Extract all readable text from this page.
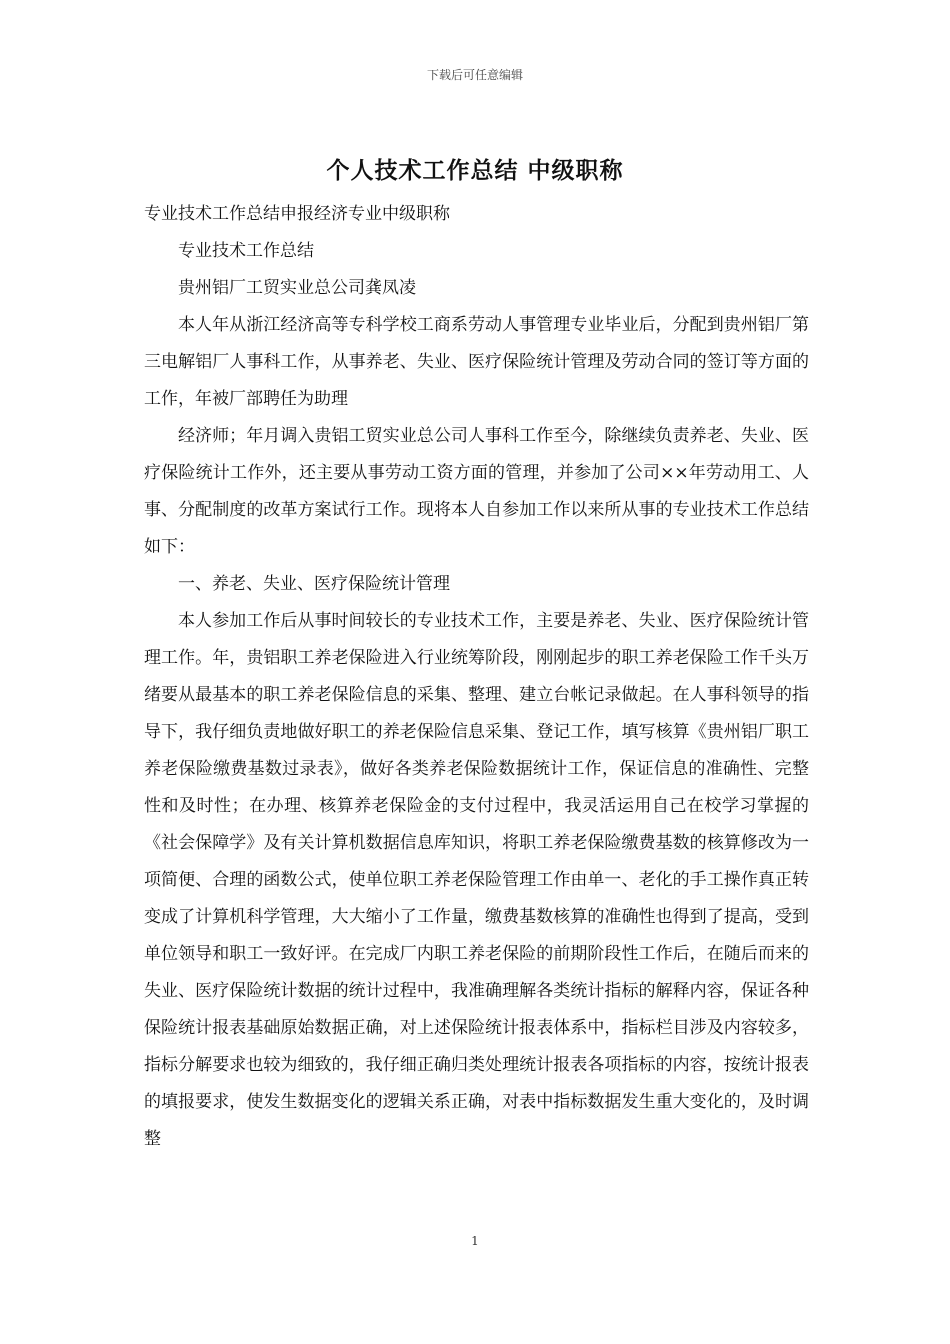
下载后可任意编辑
个人技术工作总结 中级职称

专业技术工作总结申报经济专业中级职称

专业技术工作总结

贵州铝厂工贸实业总公司龚凤凌

本人年从浙江经济高等专科学校工商系劳动人事管理专业毕业后，分配到贵州铝厂第三电解铝厂人事科工作，从事养老、失业、医疗保险统计管理及劳动合同的签订等方面的工作，年被厂部聘任为助理

经济师；年月调入贵铝工贸实业总公司人事科工作至今，除继续负责养老、失业、医疗保险统计工作外，还主要从事劳动工资方面的管理，并参加了公司××年劳动用工、人事、分配制度的改革方案试行工作。现将本人自参加工作以来所从事的专业技术工作总结如下：

一、养老、失业、医疗保险统计管理

本人参加工作后从事时间较长的专业技术工作，主要是养老、失业、医疗保险统计管理工作。年，贵铝职工养老保险进入行业统筹阶段，刚刚起步的职工养老保险工作千头万绪要从最基本的职工养老保险信息的采集、整理、建立台帐记录做起。在人事科领导的指导下，我仔细负责地做好职工的养老保险信息采集、登记工作，填写核算《贵州铝厂职工养老保险缴费基数过录表》，做好各类养老保险数据统计工作，保证信息的准确性、完整性和及时性；在办理、核算养老保险金的支付过程中，我灵活运用自己在校学习掌握的《社会保障学》及有关计算机数据信息库知识，将职工养老保险缴费基数的核算修改为一项简便、合理的函数公式，使单位职工养老保险管理工作由单一、老化的手工操作真正转变成了计算机科学管理，大大缩小了工作量，缴费基数核算的准确性也得到了提高，受到单位领导和职工一致好评。在完成厂内职工养老保险的前期阶段性工作后，在随后而来的失业、医疗保险统计数据的统计过程中，我准确理解各类统计指标的解释内容，保证各种保险统计报表基础原始数据正确，对上述保险统计报表体系中，指标栏目涉及内容较多，指标分解要求也较为细致的，我仔细正确归类处理统计报表各项指标的内容，按统计报表的填报要求，使发生数据变化的逻辑关系正确，对表中指标数据发生重大变化的，及时调整

1
